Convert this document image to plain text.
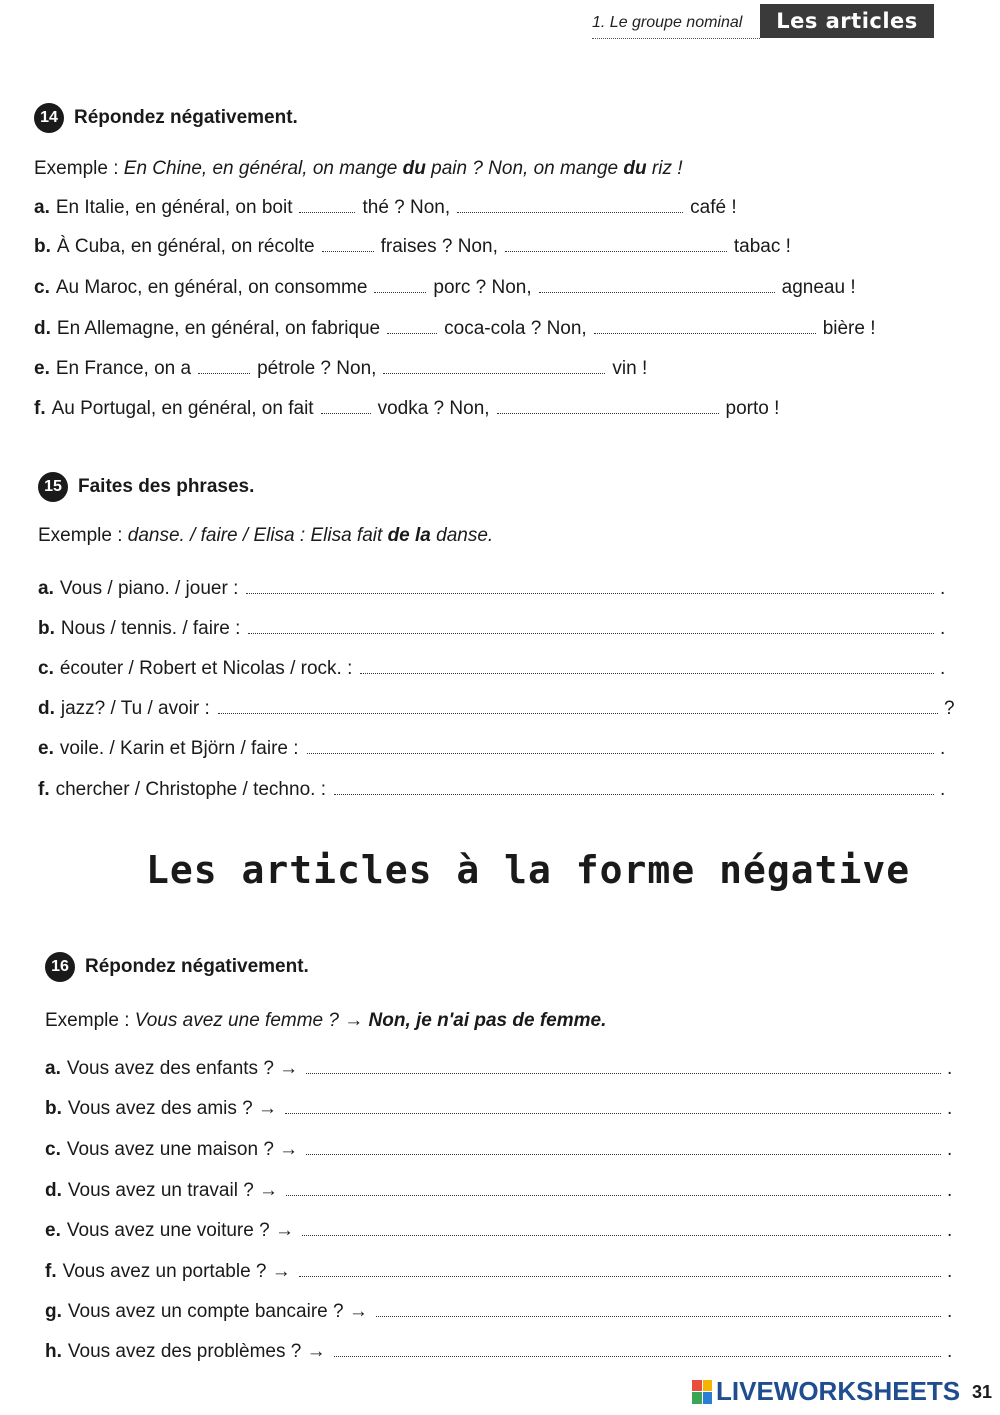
1. Le groupe nominal	Les articles
14 Répondez négativement.
Exemple : En Chine, en général, on mange du pain ? Non, on mange du riz !
a. En Italie, en général, on boit	thé ? Non,	café !
b. À Cuba, en général, on récolte	fraises ? Non,	tabac !
c. Au Maroc, en général, on consomme	porc ? Non,	agneau !
d. En Allemagne, en général, on fabrique	coca-cola ? Non,	bière !
e. En France, on a	pétrole ? Non,	vin !
f. Au Portugal, en général, on fait	vodka ? Non,	porto !
15 Faites des phrases.
Exemple : danse. / faire / Elisa : Elisa fait de la danse.
a. Vous / piano. / jouer :	.
b. Nous / tennis. / faire :	.
c. écouter / Robert et Nicolas / rock. :	.
d. jazz? / Tu / avoir :	?
e. voile. / Karin et Björn / faire :	.
f. chercher / Christophe / techno. :	.
Les articles à la forme négative
16 Répondez négativement.
Exemple : Vous avez une femme ? → Non, je n'ai pas de femme.
a. Vous avez des enfants ? →	.
b. Vous avez des amis ? →	.
c. Vous avez une maison ? →	.
d. Vous avez un travail ? →	.
e. Vous avez une voiture ? →	.
f. Vous avez un portable ? →	.
g. Vous avez un compte bancaire ? →	.
h. Vous avez des problèmes ? →	.
LIVEWORKSHEETS 31
